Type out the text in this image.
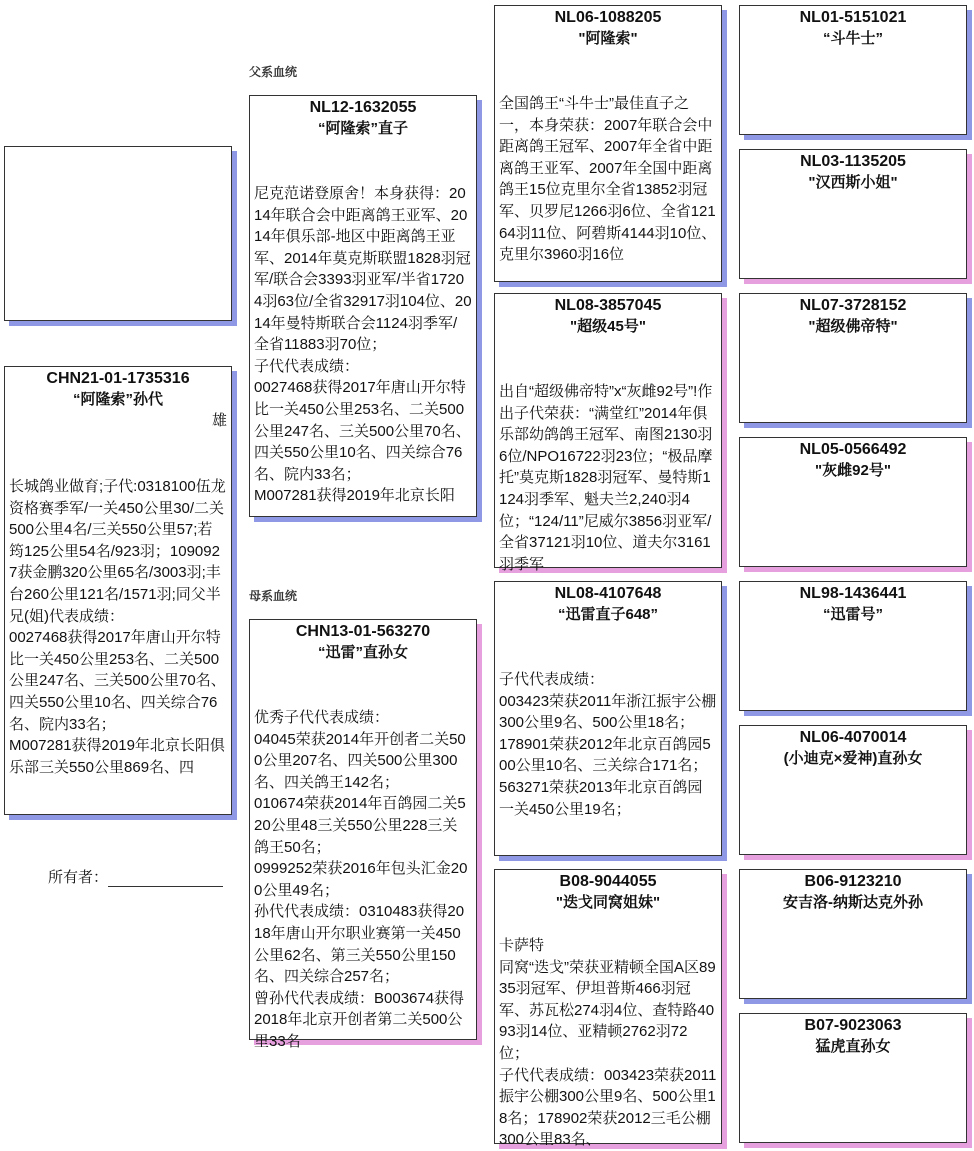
CHN21-01-1735316
“阿隆索”孙代
雄
长城鸽业做育;子代:0318100伍龙资格赛季军/一关450公里30/二关500公里4名/三关550公里57;若筠125公里54名/923羽；1090927获金鹏320公里65名/3003羽;丰台260公里121名/1571羽;同父半兄(姐)代表成绩：
0027468获得2017年唐山开尔特比一关450公里253名、二关500公里247名、三关500公里70名、四关550公里10名、四关综合76名、院内33名；
M007281获得2019年北京长阳俱乐部三关550公里869名、四
所有者：
父系血统
NL12-1632055
“阿隆索”直子
尼克范诺登原舍！本身获得：2014年联合会中距离鸽王亚军、2014年俱乐部-地区中距离鸽王亚军、2014年莫克斯联盟1828羽冠军/联合会3393羽亚军/半省17204羽63位/全省32917羽104位、2014年曼特斯联合会1124羽季军/全省11883羽70位；
子代代表成绩：
0027468获得2017年唐山开尔特比一关450公里253名、二关500公里247名、三关500公里70名、四关550公里10名、四关综合76名、院内33名；
M007281获得2019年北京长阳
母系血统
CHN13-01-563270
“迅雷”直孙女
优秀子代代表成绩：
04045荣获2014年开创者二关500公里207名、四关500公里300名、四关鸽王142名；
010674荣获2014年百鸽园二关520公里48三关550公里228三关鸽王50名；
0999252荣获2016年包头汇金200公里49名；
孙代代表成绩：0310483获得2018年唐山开尔职业赛第一关450公里62名、第三关550公里150名、四关综合257名；
曾孙代代表成绩：B003674获得2018年北京开创者第二关500公里33名
NL06-1088205
"阿隆索"
全国鸽王“斗牛士”最佳直子之一，本身荣获：2007年联合会中距离鸽王冠军、2007年全省中距离鸽王亚军、2007年全国中距离鸽王15位克里尔全省13852羽冠军、贝罗尼1266羽6位、全省12164羽11位、阿碧斯4144羽10位、克里尔3960羽16位
NL08-3857045
"超级45号"
出自“超级佛帝特”x“灰雌92号”!作出子代荣获：“满堂红”2014年俱乐部幼鸽鸽王冠军、南图2130羽6位/NPO16722羽23位；“极品摩托”莫克斯1828羽冠军、曼特斯1124羽季军、魁夫兰2,240羽4位；“124/11”尼威尔3856羽亚军/全省37121羽10位、道夫尔3161羽季军
NL08-4107648
“迅雷直子648”
子代代表成绩：
003423荣获2011年浙江振宇公棚300公里9名、500公里18名；
178901荣获2012年北京百鸽园500公里10名、三关综合171名；
563271荣获2013年北京百鸽园一关450公里19名；
B08-9044055
"迭戈同窝姐妹"
卡萨特
同窝“迭戈”荣获亚精顿全国A区8935羽冠军、伊坦普斯466羽冠军、苏瓦松274羽4位、查特路4093羽14位、亚精顿2762羽72位；
子代代表成绩：003423荣获2011振宇公棚300公里9名、500公里18名；178902荣获2012三毛公棚300公里83名、
NL01-5151021
“斗牛士”
NL03-1135205
"汉西斯小姐"
NL07-3728152
"超级佛帝特"
NL05-0566492
"灰雌92号"
NL98-1436441
“迅雷号”
NL06-4070014
(小迪克×爱神)直孙女
B06-9123210
安吉洛-纳斯达克外孙
B07-9023063
猛虎直孙女
